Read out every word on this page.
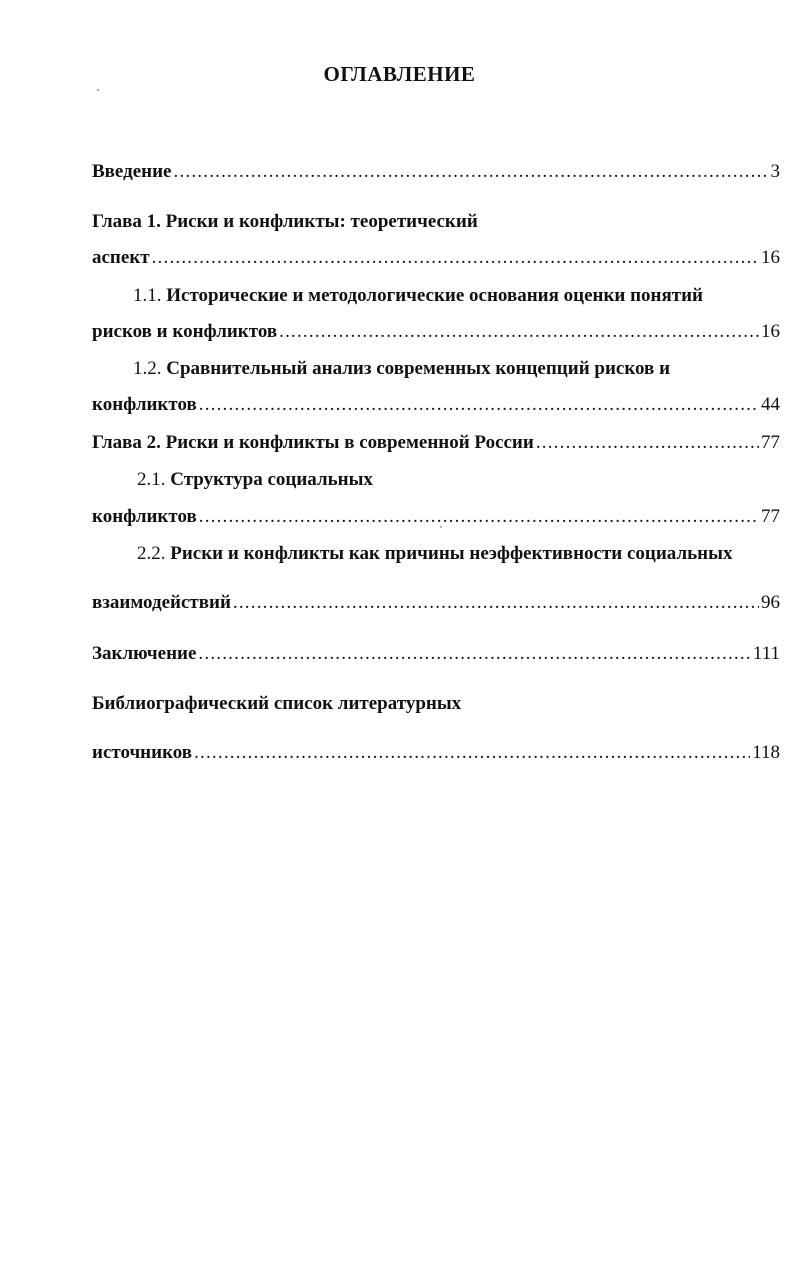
ОГЛАВЛЕНИЕ
Введение .....	3
Глава 1. Риски и конфликты: теоретический
аспект .....	16
1.1. Исторические и методологические основания оценки понятий
рисков и конфликтов .....	16
1.2. Сравнительный анализ современных концепций рисков и
конфликтов .....	44
Глава 2. Риски и конфликты в современной России .....	77
2.1. Структура социальных
конфликтов .....	77
2.2. Риски и конфликты как причины неэффективности социальных
взаимодействий .....	96
Заключение .....	111
Библиографический список литературных
источников .....	118
